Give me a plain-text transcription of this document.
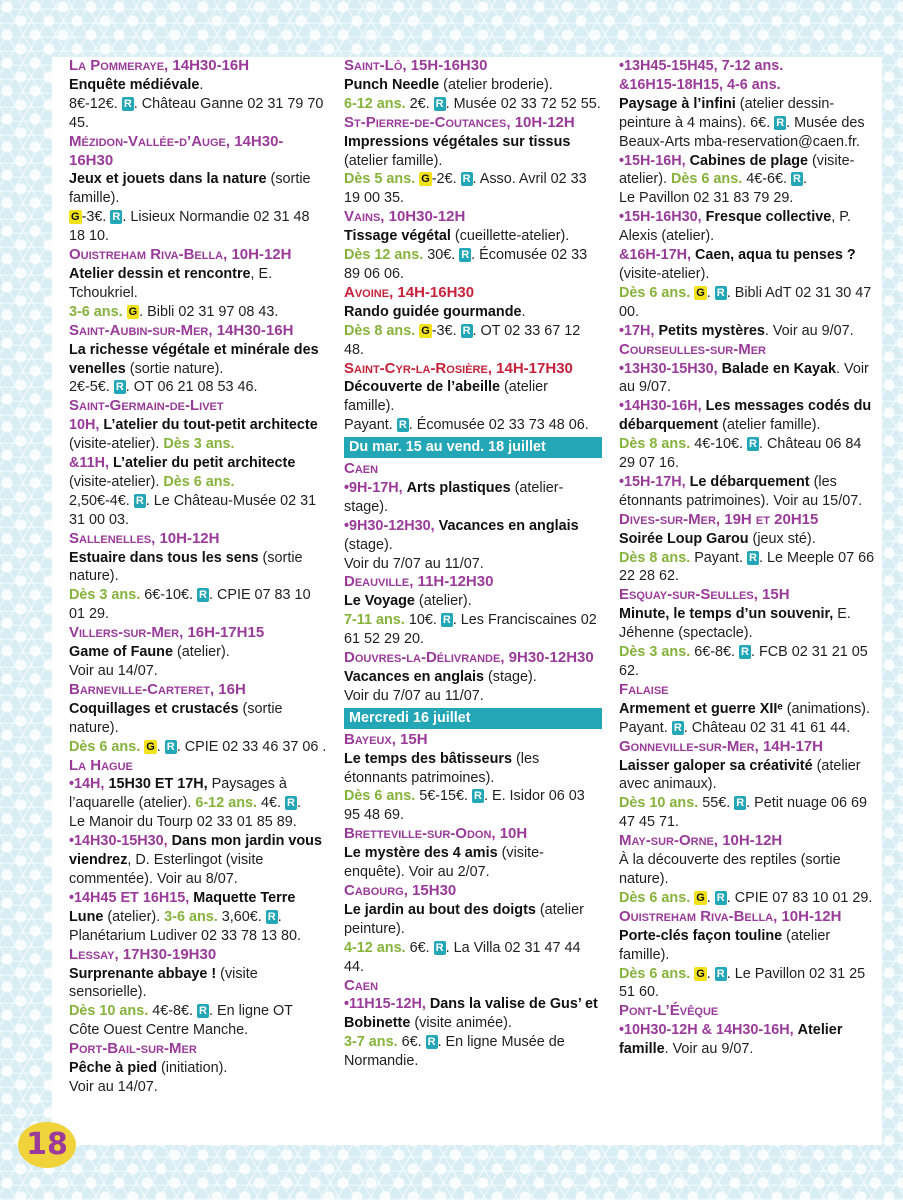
La Pommeraye, 14H30-16H
Enquête médiévale.
8€-12€. R . Château Ganne 02 31 79 70 45.

Mézidon-Vallée-d’Auge, 14H30-16H30
Jeux et jouets dans la nature (sortie famille).
G -3€. R . Lisieux Normandie 02 31 48 18 10.

Ouistreham Riva-Bella, 10H-12H
Atelier dessin et rencontre, E. Tchoukriel.
3-6 ans. G . Bibli 02 31 97 08 43.

Saint-Aubin-sur-Mer, 14H30-16H
La richesse végétale et minérale des venelles (sortie nature).
2€-5€. R . OT 06 21 08 53 46.

Saint-Germain-de-Livet
10H, L’atelier du tout-petit architecte (visite-atelier). Dès 3 ans.
&11H, L’atelier du petit architecte (visite-atelier). Dès 6 ans.
2,50€-4€. R . Le Château-Musée 02 31 31 00 03.

Sallenelles, 10H-12H
Estuaire dans tous les sens (sortie nature).
Dès 3 ans. 6€-10€. R . CPIE 07 83 10 01 29.

Villers-sur-Mer, 16H-17H15
Game of Faune (atelier).
Voir au 14/07.

Barneville-Carteret, 16H
Coquillages et crustacés (sortie nature).
Dès 6 ans. G . R . CPIE 02 33 46 37 06 .

La Hague
•14H, 15H30 ET 17H, Paysages à l’aquarelle (atelier). 6-12 ans. 4€. R .
Le Manoir du Tourp 02 33 01 85 89.
•14H30-15H30, Dans mon jardin vous viendrez, D. Esterlingot (visite commentée). Voir au 8/07.
•14H45 ET 16H15, Maquette Terre Lune (atelier). 3-6 ans. 3,60€. R .
Planétarium Ludiver 02 33 78 13 80.

Lessay, 17H30-19H30
Surprenante abbaye ! (visite sensorielle).
Dès 10 ans. 4€-8€. R . En ligne OT Côte Ouest Centre Manche.

Port-Bail-sur-Mer
Pêche à pied (initiation).
Voir au 14/07.

Saint-Lô, 15H-16H30
Punch Needle (atelier broderie).
6-12 ans. 2€. R . Musée 02 33 72 52 55.

St-Pierre-de-Coutances, 10H-12H
Impressions végétales sur tissus (atelier famille).
Dès 5 ans. G -2€. R . Asso. Avril 02 33 19 00 35.

Vains, 10H30-12H
Tissage végétal (cueillette-atelier).
Dès 12 ans. 30€. R . Écomusée 02 33 89 06 06.

Avoine, 14H-16H30
Rando guidée gourmande.
Dès 8 ans. G -3€. R . OT 02 33 67 12 48.

Saint-Cyr-la-Rosière, 14H-17H30
Découverte de l’abeille (atelier famille).
Payant. R . Écomusée 02 33 73 48 06.

Du mar. 15 au vend. 18 juillet

Caen
•9H-17H, Arts plastiques (atelier-stage).
•9H30-12H30, Vacances en anglais (stage).
Voir du 7/07 au 11/07.

Deauville, 11H-12H30
Le Voyage (atelier).
7-11 ans. 10€. R . Les Franciscaines 02 61 52 29 20.

Douvres-la-Délivrande, 9H30-12H30
Vacances en anglais (stage).
Voir du 7/07 au 11/07.

Mercredi 16 juillet

Bayeux, 15H
Le temps des bâtisseurs (les étonnants patrimoines).
Dès 6 ans. 5€-15€. R . E. Isidor 06 03 95 48 69.

Bretteville-sur-Odon, 10H
Le mystère des 4 amis (visite-enquête). Voir au 2/07.

Cabourg, 15H30
Le jardin au bout des doigts (atelier peinture).
4-12 ans. 6€. R . La Villa 02 31 47 44 44.

Caen
•11H15-12H, Dans la valise de Gus’ et Bobinette (visite animée).
3-7 ans. 6€. R . En ligne Musée de Normandie.

•13H45-15H45, 7-12 ans.
&16H15-18H15, 4-6 ans.
Paysage à l’infini (atelier dessin-peinture à 4 mains). 6€. R . Musée des Beaux-Arts mba-reservation@caen.fr.

•15H-16H, Cabines de plage (visite-atelier). Dès 6 ans. 4€-6€. R .
Le Pavillon 02 31 83 79 29.

•15H-16H30, Fresque collective, P. Alexis (atelier).
&16H-17H, Caen, aqua tu penses ? (visite-atelier).
Dès 6 ans. G . R . Bibli AdT 02 31 30 47 00.

•17H, Petits mystères. Voir au 9/07.

Courseulles-sur-Mer
•13H30-15H30, Balade en Kayak. Voir au 9/07.
•14H30-16H, Les messages codés du débarquement (atelier famille).
Dès 8 ans. 4€-10€. R . Château 06 84 29 07 16.
•15H-17H, Le débarquement (les étonnants patrimoines). Voir au 15/07.

Dives-sur-Mer, 19H et 20H15
Soirée Loup Garou (jeux sté).
Dès 8 ans. Payant. R . Le Meeple 07 66 22 28 62.

Esquay-sur-Seulles, 15H
Minute, le temps d’un souvenir, E. Jéhenne (spectacle).
Dès 3 ans. 6€-8€. R . FCB 02 31 21 05 62.

Falaise
Armement et guerre XIIᵉ (animations).
Payant. R . Château 02 31 41 61 44.

Gonneville-sur-Mer, 14H-17H
Laisser galoper sa créativité (atelier avec animaux).
Dès 10 ans. 55€. R . Petit nuage 06 69 47 45 71.

May-sur-Orne, 10H-12H
À la découverte des reptiles (sortie nature).
Dès 6 ans. G . R . CPIE 07 83 10 01 29.

Ouistreham Riva-Bella, 10H-12H
Porte-clés façon touline (atelier famille).
Dès 6 ans. G . R . Le Pavillon 02 31 25 51 60.

Pont-L’Évêque
•10H30-12H & 14H30-16H, Atelier famille. Voir au 9/07.

18
